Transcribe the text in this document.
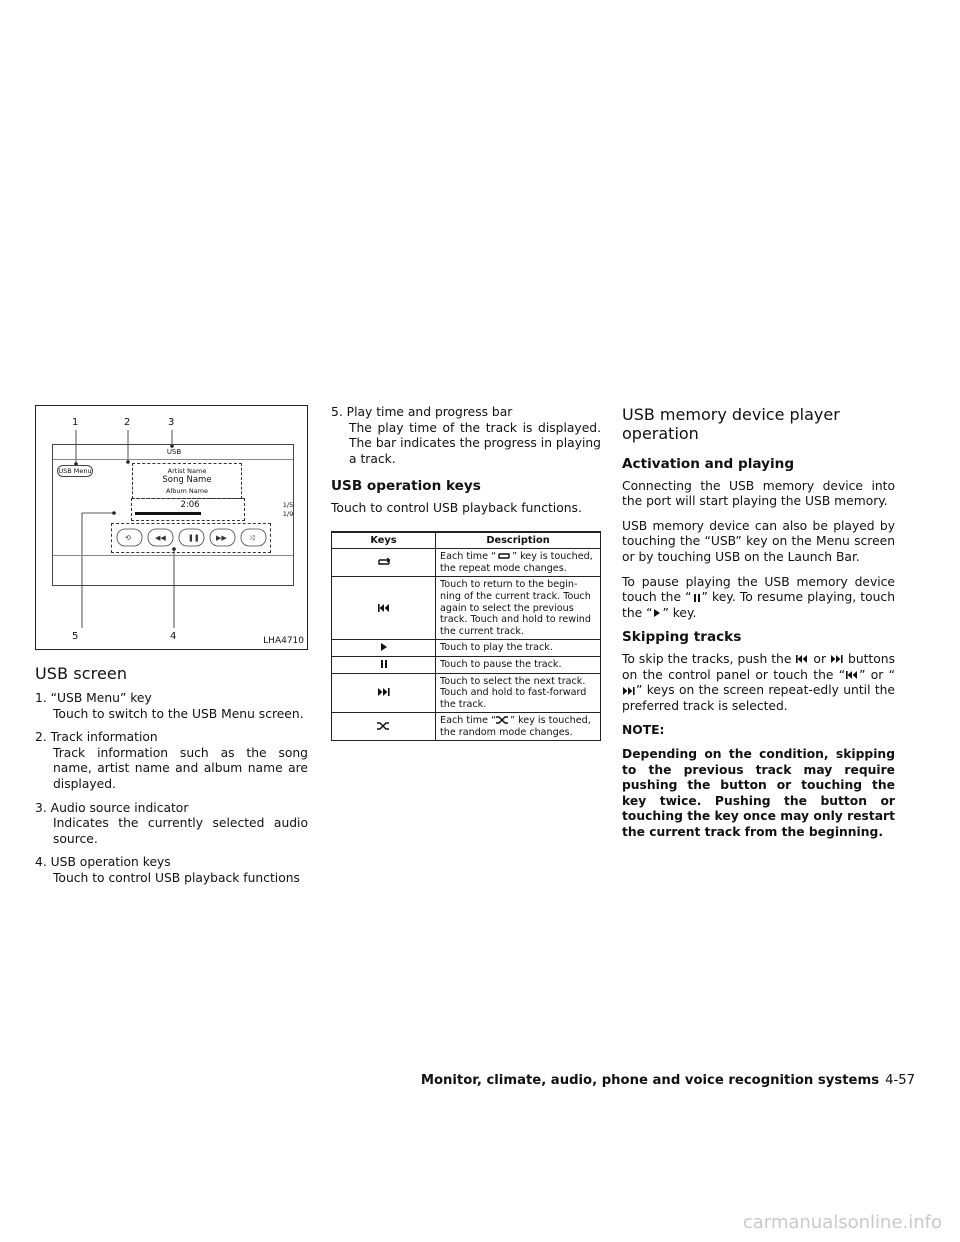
1	2	3
5	4
USB
USB Menu	Artist Name
Song Name
Album Name
2:06	1/5
1/9
⟲	◀◀	❚❚ ▶▶	⤨
LHA4710
USB screen
1. “USB Menu” key
Touch to switch to the USB Menu screen.
2. Track information
Track information such as the song name, artist name and album name are displayed.
3. Audio source indicator
Indicates the currently selected audio source.
4. USB operation keys
Touch to control USB playback functions
5. Play time and progress bar
The play time of the track is displayed. The bar indicates the progress in playing a track.
USB operation keys

Touch to control USB playback functions.

Keys	Description
	Each time “ ” key is touched, the repeat mode changes.
	Touch to return to the begin-ning of the current track. Touch again to select the previous track. Touch and hold to rewind the current track.
	Touch to play the track.
	Touch to pause the track.
	Touch to select the next track. Touch and hold to fast-forward the track.
	Each time “ ” key is touched, the random mode changes.
USB memory device player operation
Activation and playing

Connecting the USB memory device into the port will start playing the USB memory.

USB memory device can also be played by touching the “USB” key on the Menu screen or by touching USB on the Launch Bar.

To pause playing the USB memory device touch the “ ” key. To resume playing, touch the “ ” key.

Skipping tracks

To skip the tracks, push the or buttons on the control panel or touch the “ ” or “” keys on the screen repeat-edly until the preferred track is selected.

NOTE:

Depending on the condition, skipping to the previous track may require pushing the button or touching the key twice. Pushing the button or touching the key once may only restart the current track from the beginning.

Monitor, climate, audio, phone and voice recognition systems 4-57
carmanualsonline.info
